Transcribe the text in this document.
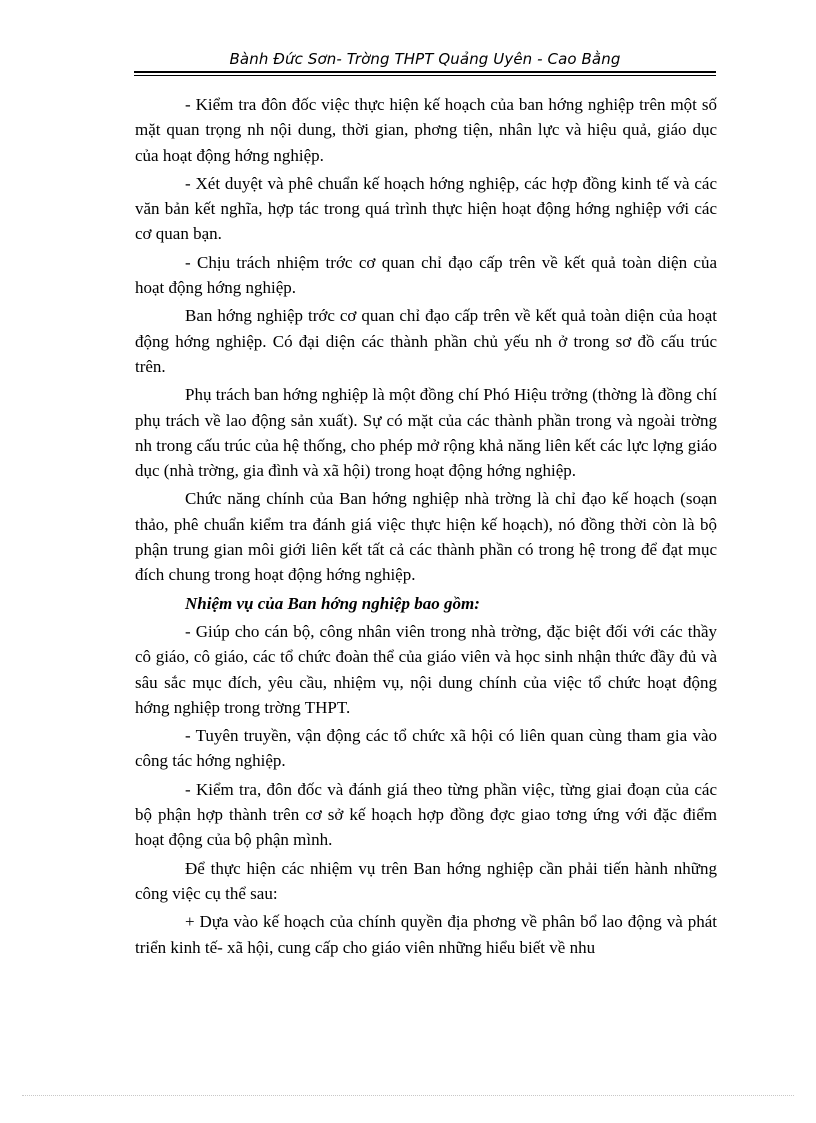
Bành Đức Sơn- Trờng THPT Quảng Uyên - Cao Bằng

- Kiểm tra đôn đốc việc thực hiện kế hoạch của ban hớng nghiệp trên một số mặt quan trọng nh nội dung, thời gian, phơng tiện, nhân lực và hiệu quả, giáo dục của hoạt động hớng nghiệp.

- Xét duyệt và phê chuẩn kế hoạch hớng nghiệp, các hợp đồng kinh tế và các văn bản kết nghĩa, hợp tác trong quá trình thực hiện hoạt động hớng nghiệp với các cơ quan bạn.

- Chịu trách nhiệm trớc cơ quan chỉ đạo cấp trên về kết quả toàn diện của hoạt động hớng nghiệp.

Ban hớng nghiệp trớc cơ quan chỉ đạo cấp trên về kết quả toàn diện của hoạt động hớng nghiệp. Có đại diện các thành phần chủ yếu nh ở trong sơ đồ cấu trúc trên.

Phụ trách ban hớng nghiệp là một đồng chí Phó Hiệu trởng (thờng là đồng chí phụ trách về lao động sản xuất). Sự có mặt của các thành phần trong và ngoài trờng nh trong cấu trúc của hệ thống, cho phép mở rộng khả năng liên kết các lực lợng giáo dục (nhà trờng, gia đình và xã hội) trong hoạt động hớng nghiệp.

Chức năng chính của Ban hớng nghiệp nhà trờng là chỉ đạo kế hoạch (soạn thảo, phê chuẩn kiểm tra đánh giá việc thực hiện kế hoạch), nó đồng thời còn là bộ phận trung gian môi giới liên kết tất cả các thành phần có trong hệ trong để đạt mục đích chung trong hoạt động hớng nghiệp.

Nhiệm vụ của Ban hớng nghiệp bao gồm:

- Giúp cho cán bộ, công nhân viên trong nhà trờng, đặc biệt đối với các thầy cô giáo, cô giáo, các tổ chức đoàn thể của giáo viên và học sinh nhận thức đầy đủ và sâu sắc mục đích, yêu cầu, nhiệm vụ, nội dung chính của việc tổ chức hoạt động hớng nghiệp trong trờng THPT.

- Tuyên truyền, vận động các tổ chức xã hội có liên quan cùng tham gia vào công tác hớng nghiệp.

- Kiểm tra, đôn đốc và đánh giá theo từng phần việc, từng giai đoạn của các bộ phận hợp thành trên cơ sở kế hoạch hợp đồng đợc giao tơng ứng với đặc điểm hoạt động của bộ phận mình.

Để thực hiện các nhiệm vụ trên Ban hớng nghiệp cần phải tiến hành những công việc cụ thể sau:

+ Dựa vào kế hoạch của chính quyền địa phơng về phân bổ lao động và phát triển kinh tế- xã hội, cung cấp cho giáo viên những hiểu biết về nhu
